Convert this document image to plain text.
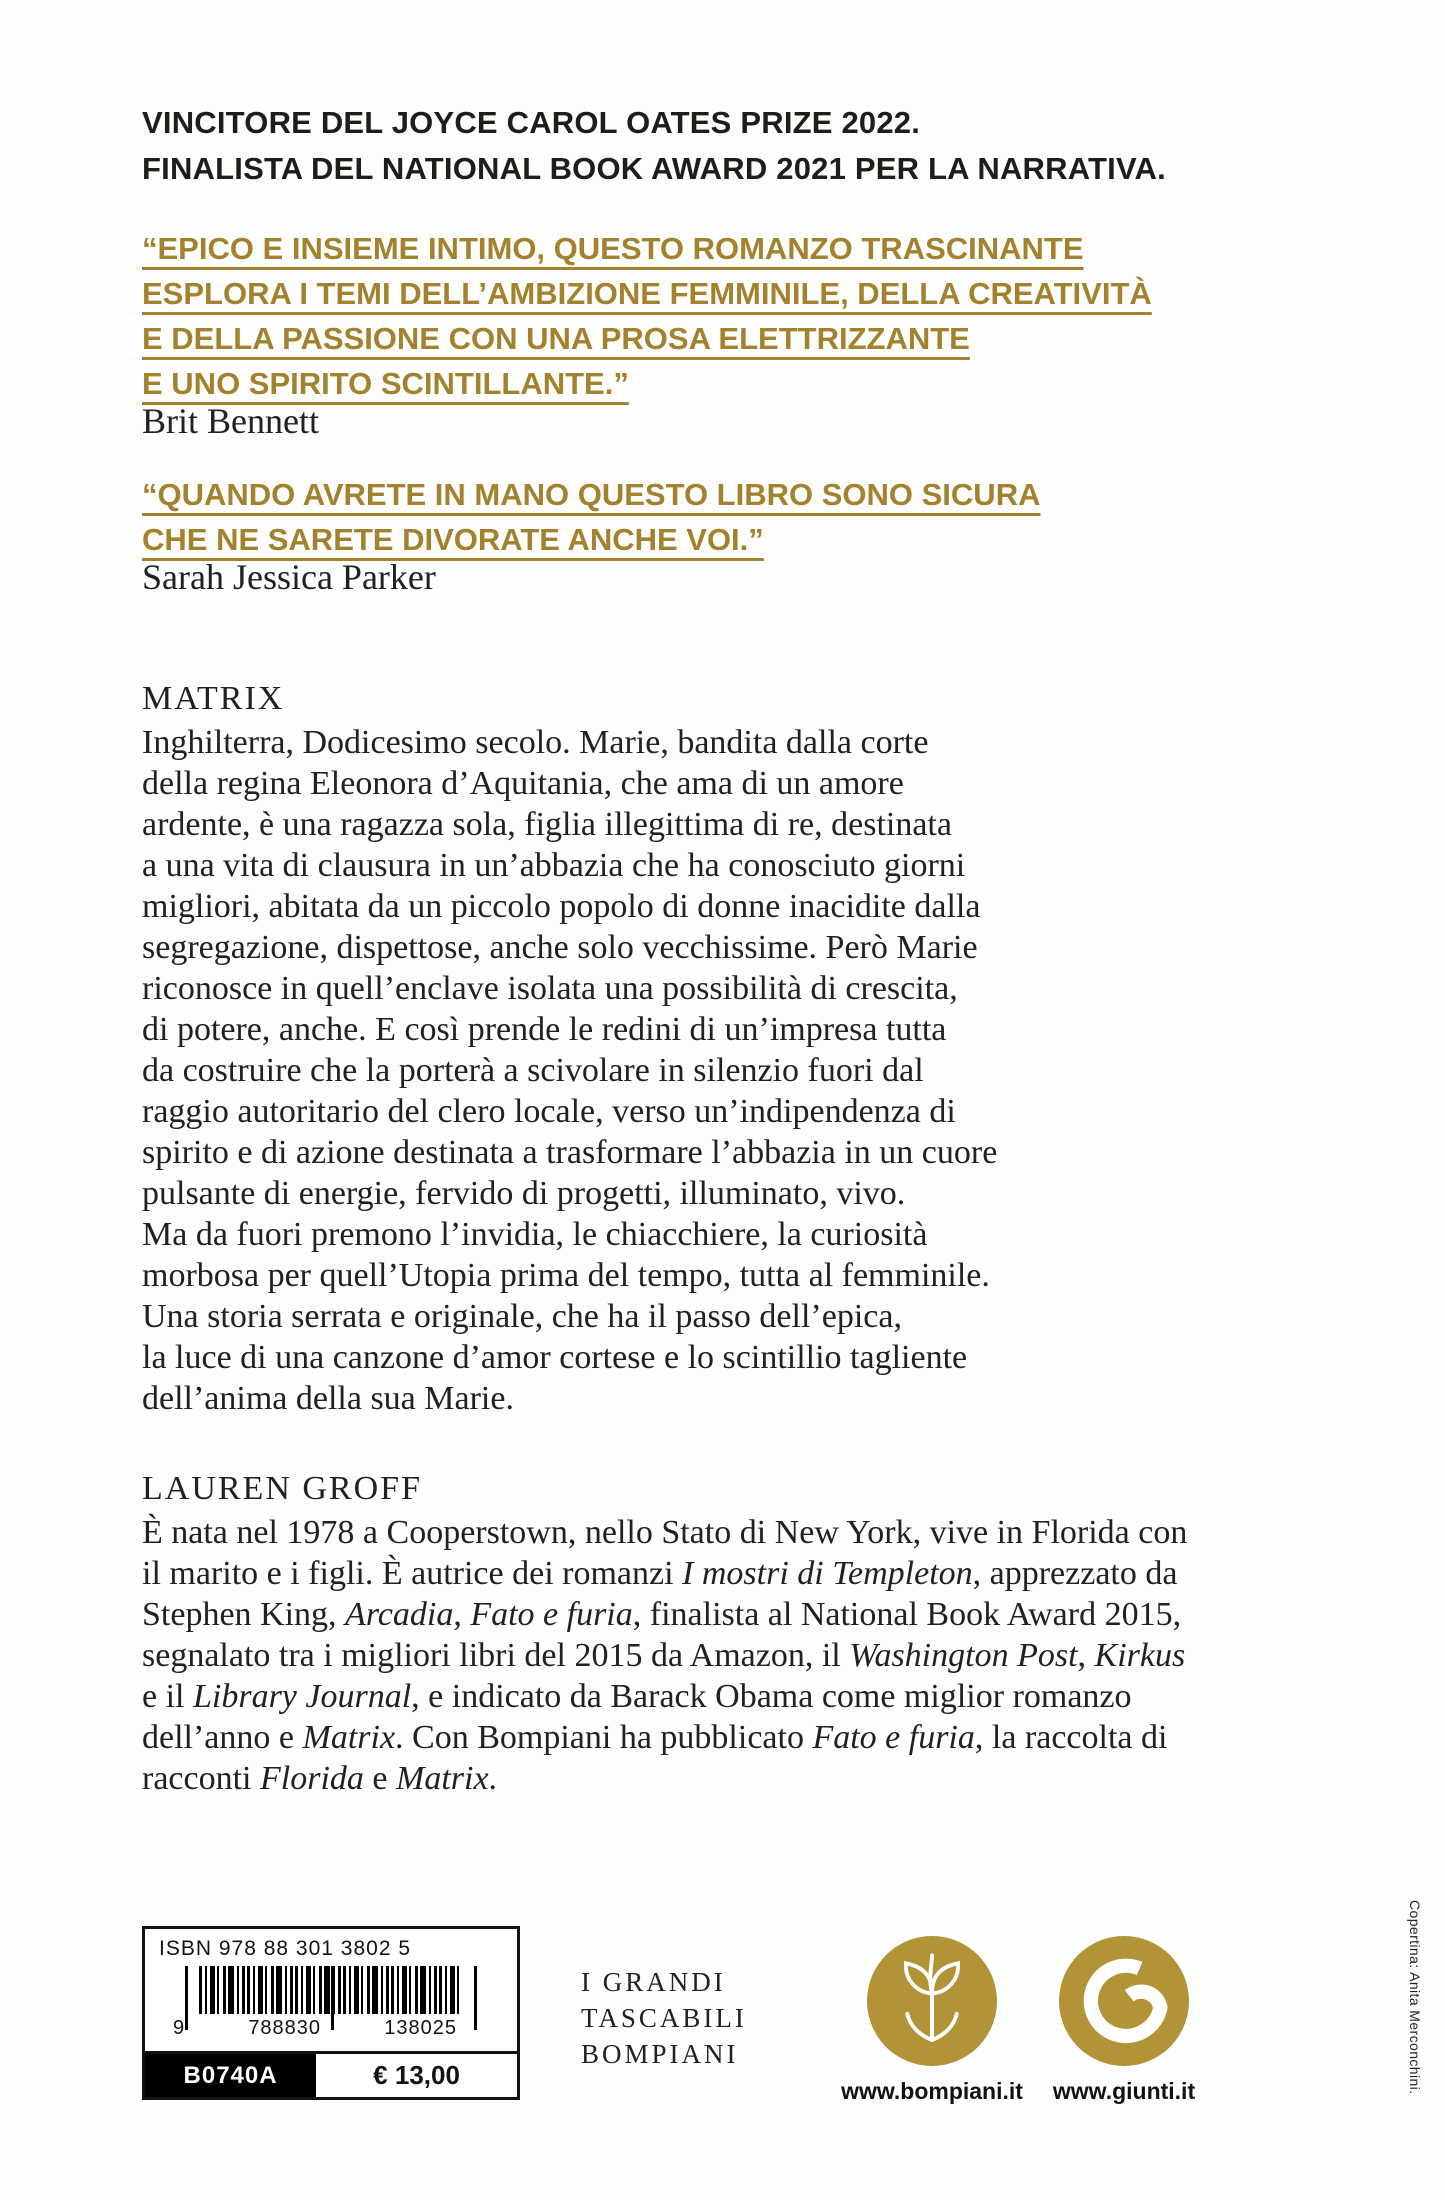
VINCITORE DEL JOYCE CAROL OATES PRIZE 2022.
FINALISTA DEL NATIONAL BOOK AWARD 2021 PER LA NARRATIVA.
“EPICO E INSIEME INTIMO, QUESTO ROMANZO TRASCINANTE
ESPLORA I TEMI DELL’AMBIZIONE FEMMINILE, DELLA CREATIVITÀ
E DELLA PASSIONE CON UNA PROSA ELETTRIZZANTE
E UNO SPIRITO SCINTILLANTE.”
Brit Bennett
“QUANDO AVRETE IN MANO QUESTO LIBRO SONO SICURA
CHE NE SARETE DIVORATE ANCHE VOI.”
Sarah Jessica Parker
MATRIX
Inghilterra, Dodicesimo secolo. Marie, bandita dalla corte
della regina Eleonora d’Aquitania, che ama di un amore
ardente, è una ragazza sola, figlia illegittima di re, destinata
a una vita di clausura in un’abbazia che ha conosciuto giorni
migliori, abitata da un piccolo popolo di donne inacidite dalla
segregazione, dispettose, anche solo vecchissime. Però Marie
riconosce in quell’enclave isolata una possibilità di crescita,
di potere, anche. E così prende le redini di un’impresa tutta
da costruire che la porterà a scivolare in silenzio fuori dal
raggio autoritario del clero locale, verso un’indipendenza di
spirito e di azione destinata a trasformare l’abbazia in un cuore
pulsante di energie, fervido di progetti, illuminato, vivo.
Ma da fuori premono l’invidia, le chiacchiere, la curiosità
morbosa per quell’Utopia prima del tempo, tutta al femminile.
Una storia serrata e originale, che ha il passo dell’epica,
la luce di una canzone d’amor cortese e lo scintillio tagliente
dell’anima della sua Marie.
LAUREN GROFF
È nata nel 1978 a Cooperstown, nello Stato di New York, vive in Florida con il marito e i figli. È autrice dei romanzi I mostri di Templeton, apprezzato da Stephen King, Arcadia, Fato e furia, finalista al National Book Award 2015, segnalato tra i migliori libri del 2015 da Amazon, il Washington Post, Kirkus e il Library Journal, e indicato da Barack Obama come miglior romanzo dell’anno e Matrix. Con Bompiani ha pubblicato Fato e furia, la raccolta di racconti Florida e Matrix.
ISBN 978 88 301 3802 5
9	788830	138025
B0740A	€ 13,00
I GRANDI
TASCABILI
BOMPIANI
www.bompiani.it	www.giunti.it	Copertina: Anita Merconchini.
